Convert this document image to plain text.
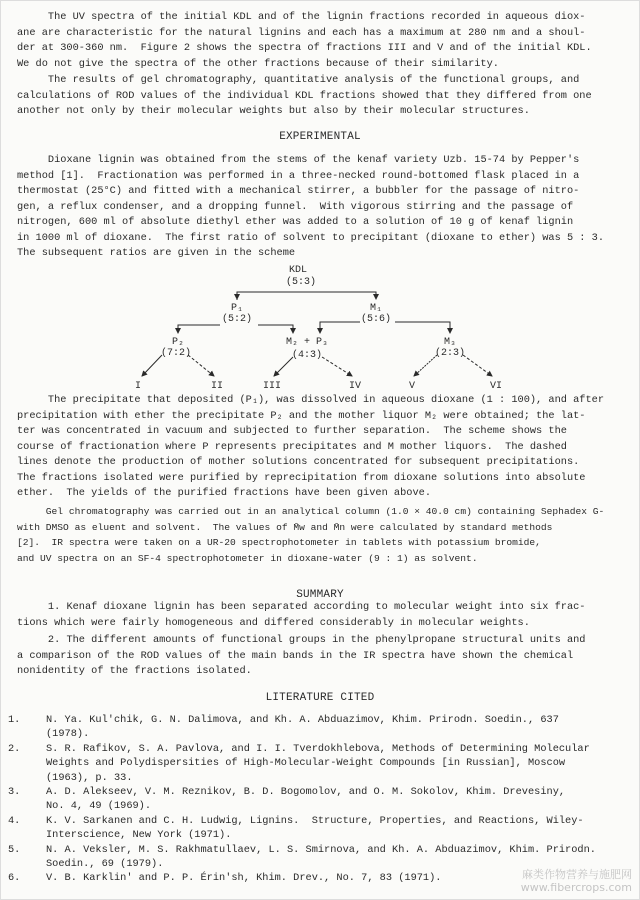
The UV spectra of the initial KDL and of the lignin fractions recorded in aqueous diox-
ane are characteristic for the natural lignins and each has a maximum at 280 nm and a shoul-
der at 300-360 nm.  Figure 2 shows the spectra of fractions III and V and of the initial KDL.
We do not give the spectra of the other fractions because of their similarity.
The results of gel chromatography, quantitative analysis of the functional groups, and
calculations of ROD values of the individual KDL fractions showed that they differed from one
another not only by their molecular weights but also by their molecular structures.
EXPERIMENTAL
Dioxane lignin was obtained from the stems of the kenaf variety Uzb. 15-74 by Pepper's
method [1].  Fractionation was performed in a three-necked round-bottomed flask placed in a
thermostat (25°C) and fitted with a mechanical stirrer, a bubbler for the passage of nitro-
gen, a reflux condenser, and a dropping funnel.  With vigorous stirring and the passage of
nitrogen, 600 ml of absolute diethyl ether was added to a solution of 10 g of kenaf lignin
in 1000 ml of dioxane.  The first ratio of solvent to precipitant (dioxane to ether) was 5 : 3.
The subsequent ratios are given in the scheme
KDL
(5:3)
P₁
(5:2)
M₁
(5:6)
P₂
(7:2)
M₂ + P₃
(4:3)
M₃
(2:3)
I	II	III	IV	V	VI
The precipitate that deposited (P₁), was dissolved in aqueous dioxane (1 : 100), and after
precipitation with ether the precipitate P₂ and the mother liquor M₂ were obtained; the lat-
ter was concentrated in vacuum and subjected to further separation.  The scheme shows the
course of fractionation where P represents precipitates and M mother liquors.  The dashed
lines denote the production of mother solutions concentrated for subsequent precipitations.
The fractions isolated were purified by reprecipitation from dioxane solutions into absolute
ether.  The yields of the purified fractions have been given above.
Gel chromatography was carried out in an analytical column (1.0 × 40.0 cm) containing Sephadex G-
with DMSO as eluent and solvent.  The values of M̄w and M̄n were calculated by standard methods
[2].  IR spectra were taken on a UR-20 spectrophotometer in tablets with potassium bromide,
and UV spectra on an SF-4 spectrophotometer in dioxane-water (9 : 1) as solvent.
SUMMARY
1. Kenaf dioxane lignin has been separated according to molecular weight into six frac-
tions which were fairly homogeneous and differed considerably in molecular weights.
2. The different amounts of functional groups in the phenylpropane structural units and
a comparison of the ROD values of the main bands in the IR spectra have shown the chemical
nonidentity of the fractions isolated.
LITERATURE CITED
1. N. Ya. Kul'chik, G. N. Dalimova, and Kh. A. Abduazimov, Khim. Prirodn. Soedin., 637
(1978).
2. S. R. Rafikov, S. A. Pavlova, and I. I. Tverdokhlebova, Methods of Determining Molecular
Weights and Polydispersities of High-Molecular-Weight Compounds [in Russian], Moscow
(1963), p. 33.
3. A. D. Alekseev, V. M. Reznikov, B. D. Bogomolov, and O. M. Sokolov, Khim. Drevesiny,
No. 4, 49 (1969).
4. K. V. Sarkanen and C. H. Ludwig, Lignins.  Structure, Properties, and Reactions, Wiley-
Interscience, New York (1971).
5. N. A. Veksler, M. S. Rakhmatullaev, L. S. Smirnova, and Kh. A. Abduazimov, Khim. Prirodn.
Soedin., 69 (1979).
6. V. B. Karklin' and P. P. Érin'sh, Khim. Drev., No. 7, 83 (1971).	麻类作物营养与施肥网
www.fibercrops.com
